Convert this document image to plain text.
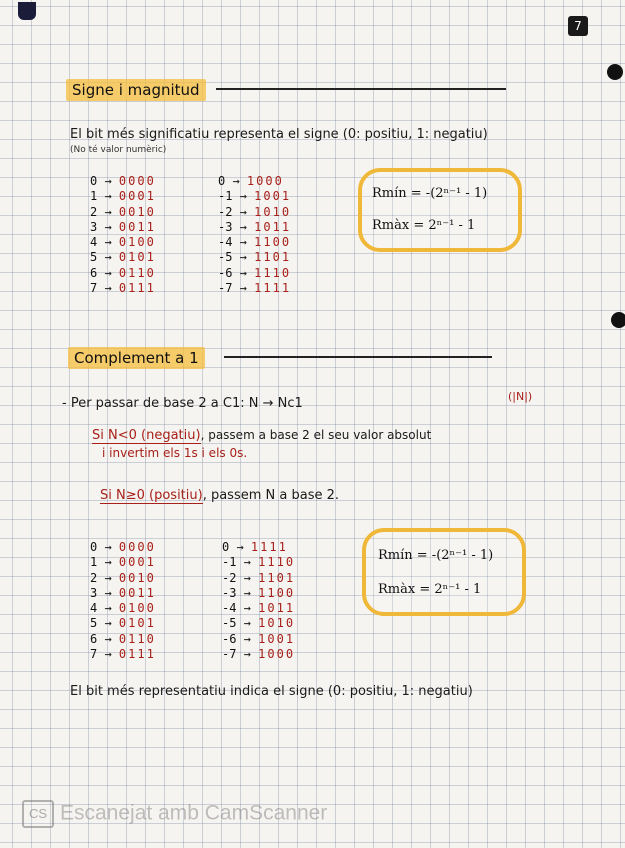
7
Signe i magnitud
El bit més significatiu representa el signe (0: positiu, 1: negatiu)
(No té valor numèric)
0 → 0000
1 → 0001
2 → 0010
3 → 0011
4 → 0100
5 → 0101
6 → 0110
7 → 0111
0 → 1000
-1 → 1001
-2 → 1010
-3 → 1011
-4 → 1100
-5 → 1101
-6 → 1110
-7 → 1111
Rmín = -(2ⁿ⁻¹ - 1)
Rmàx = 2ⁿ⁻¹ - 1
Complement a 1
- Per passar de base 2 a C1: N → Nc1	(|N|)
Si N<0 (negatiu), passem a base 2 el seu valor absolut
i invertim els 1s i els 0s.
Si N≥0 (positiu), passem N a base 2.
0 → 0000
1 → 0001
2 → 0010
3 → 0011
4 → 0100
5 → 0101
6 → 0110
7 → 0111
0 → 1111
-1 → 1110
-2 → 1101
-3 → 1100
-4 → 1011
-5 → 1010
-6 → 1001
-7 → 1000
Rmín = -(2ⁿ⁻¹ - 1)
Rmàx = 2ⁿ⁻¹ - 1
El bit més representatiu indica el signe (0: positiu, 1: negatiu)
CS Escanejat amb CamScanner
